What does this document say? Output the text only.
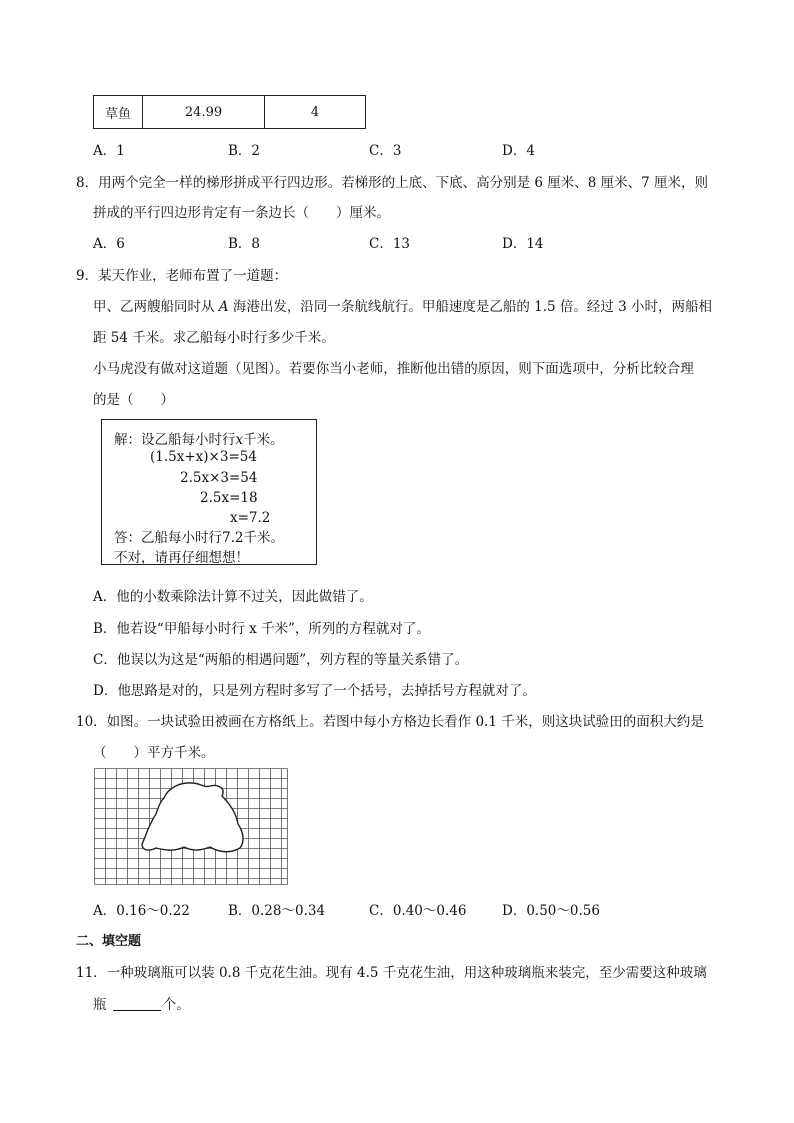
草鱼	24.99	4
A．1	B．2	C．3	D．4
8．用两个完全一样的梯形拼成平行四边形。若梯形的上底、下底、高分别是 6 厘米、8 厘米、7 厘米，则
拼成的平行四边形肯定有一条边长（　　）厘米。
A．6	B．8	C．13	D．14
9．某天作业，老师布置了一道题：
甲、乙两艘船同时从 A 海港出发，沿同一条航线航行。甲船速度是乙船的 1.5 倍。经过 3 小时，两船相
距 54 千米。求乙船每小时行多少千米。
小马虎没有做对这道题（见图）。若要你当小老师，推断他出错的原因，则下面选项中，分析比较合理
的是（　　）
解：设乙船每小时行x千米。
(1.5x+x)×3=54
2.5x×3=54
2.5x=18
x=7.2
答：乙船每小时行7.2千米。
不对，请再仔细想想！
A．他的小数乘除法计算不过关，因此做错了。
B．他若设“甲船每小时行 x 千米”，所列的方程就对了。
C．他误以为这是“两船的相遇问题”，列方程的等量关系错了。
D．他思路是对的，只是列方程时多写了一个括号，去掉括号方程就对了。
10．如图。一块试验田被画在方格纸上。若图中每小方格边长看作 0.1 千米，则这块试验田的面积大约是
（　　）平方千米。
A．0.16～0.22	B．0.28～0.34	C．0.40～0.46	D．0.50～0.56
二、填空题
11．一种玻璃瓶可以装 0.8 千克花生油。现有 4.5 千克花生油，用这种玻璃瓶来装完，至少需要这种玻璃
瓶	个。
